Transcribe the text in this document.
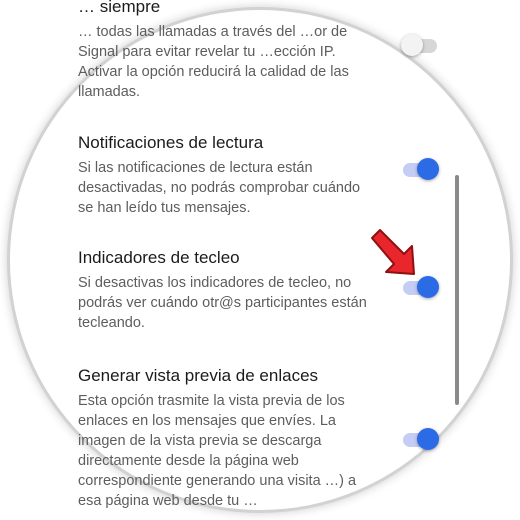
… siempre
… todas las llamadas a través del …or de Signal para evitar revelar tu …ección IP. Activar la opción reducirá la calidad de las llamadas.
Notificaciones de lectura
Si las notificaciones de lectura están desactivadas, no podrás comprobar cuándo se han leído tus mensajes.
Indicadores de tecleo
Si desactivas los indicadores de tecleo, no podrás ver cuándo otr@s participantes están tecleando.
Generar vista previa de enlaces
Esta opción trasmite la vista previa de los enlaces en los mensajes que envíes. La imagen de la vista previa se descarga directamente desde la página web correspondiente generando una visita …) a esa página web desde tu …
